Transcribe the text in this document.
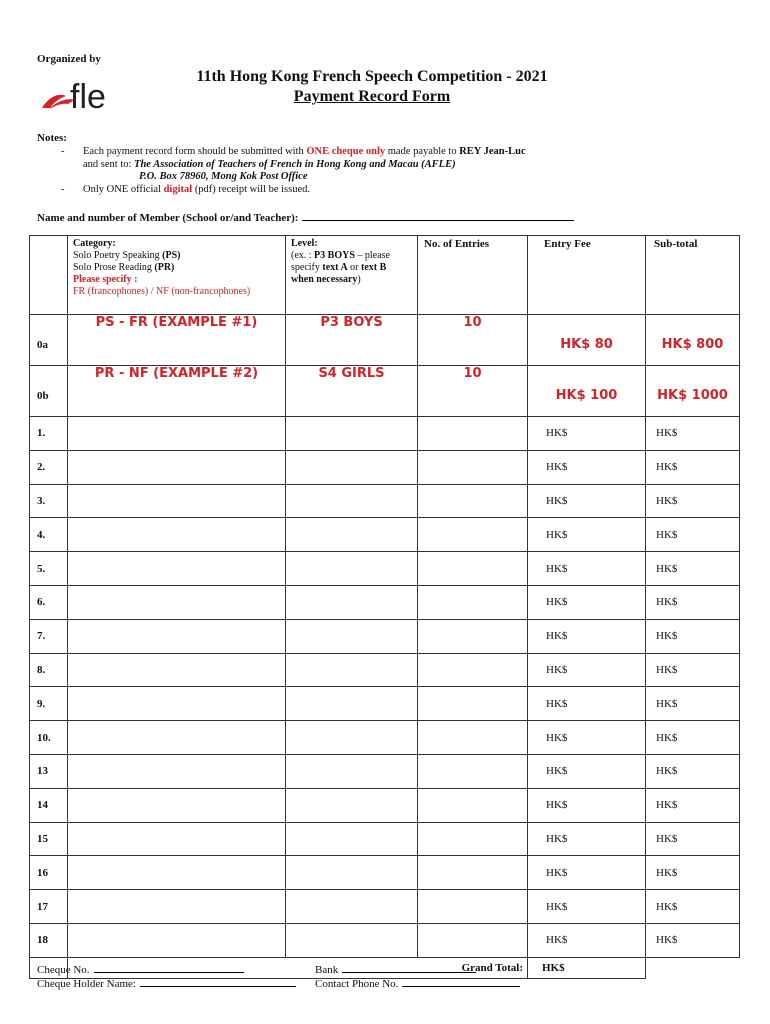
Organized by
fle
11th Hong Kong French Speech Competition - 2021
Payment Record Form
Notes:
- Each payment record form should be submitted with ONE cheque only made payable to REY Jean-Luc
and sent to: The Association of Teachers of French in Hong Kong and Macau (AFLE)
P.O. Box 78960, Mong Kok Post Office
- Only ONE official digital (pdf) receipt will be issued.
Name and number of Member (School or/and Teacher):
	Category:
Solo Poetry Speaking (PS)
Solo Prose Reading (PR)
Please specify :
FR (francophones) / NF (non-francophones)	Level:
(ex. : P3 BOYS – please
specify text A or text B
when necessary)	No. of Entries	Entry Fee	Sub-total
0a	PS - FR (EXAMPLE #1)	P3 BOYS	10	HK$ 80	HK$ 800
0b	PR - NF (EXAMPLE #2)	S4 GIRLS	10	HK$ 100	HK$ 1000
1.				HK$	HK$
2.				HK$	HK$
3.				HK$	HK$
4.				HK$	HK$
5.				HK$	HK$
6.				HK$	HK$
7.				HK$	HK$
8.				HK$	HK$
9.				HK$	HK$
10.				HK$	HK$
13				HK$	HK$
14				HK$	HK$
15				HK$	HK$
16				HK$	HK$
17				HK$	HK$
18				HK$	HK$
	Grand Total:			HK$	
Cheque No.
Cheque Holder Name:
Bank
Contact Phone No.
